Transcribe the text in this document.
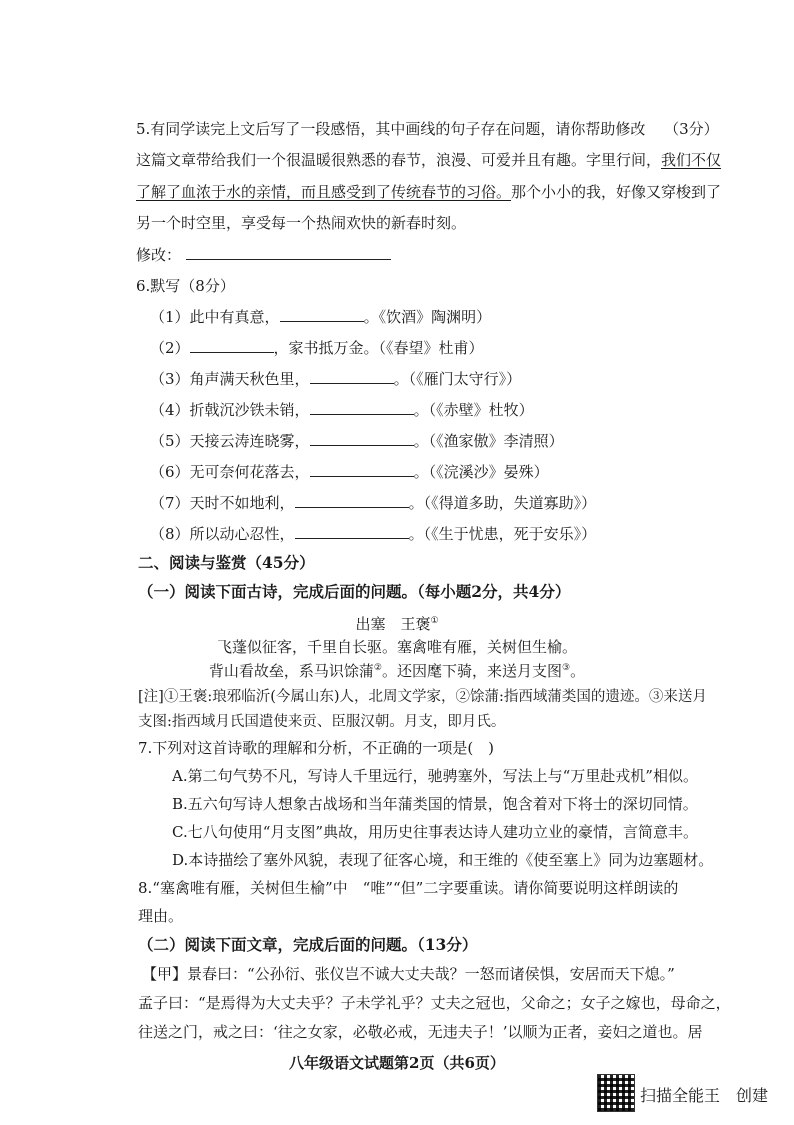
5.有同学读完上文后写了一段感悟，其中画线的句子存在问题，请你帮助修改 （3分）
这篇文章带给我们一个很温暖很熟悉的春节，浪漫、可爱并且有趣。字里行间，我们不仅
了解了血浓于水的亲情，而且感受到了传统春节的习俗。那个小小的我，好像又穿梭到了
另一个时空里，享受每一个热闹欢快的新春时刻。
修改：
6.默写（8分）
（1）此中有真意，	。《饮酒》陶渊明）
（2）	，家书抵万金。（《春望》杜甫）
（3）角声满天秋色里，	。（《雁门太守行》）
（4）折戟沉沙铁未销，	。（《赤壁》杜牧）
（5）天接云涛连晓雾，	。（《渔家傲》李清照）
（6）无可奈何花落去，	。（《浣溪沙》晏殊）
（7）天时不如地利，	。（《得道多助，失道寡助》）
（8）所以动心忍性，	。（《生于忧患，死于安乐》）
二、阅读与鉴赏（45分）
（一）阅读下面古诗，完成后面的问题。（每小题2分，共4分）
出塞　王褒①
飞蓬似征客，千里自长驱。塞禽唯有雁，关树但生榆。
背山看故垒，系马识馀蒲②。还因麾下骑，来送月支图③。
[注]①王褒:琅邪临沂(今属山东)人，北周文学家，②馀蒲:指西域蒲类国的遗迹。③来送月
支图:指西域月氏国遣使来贡、臣服汉朝。月支，即月氏。
7.下列对这首诗歌的理解和分析，不正确的一项是(　)
A.第二句气势不凡，写诗人千里远行，驰骋塞外，写法上与“万里赴戎机”相似。
B.五六句写诗人想象古战场和当年蒲类国的情景，饱含着对下将士的深切同情。
C.七八句使用“月支图”典故，用历史往事表达诗人建功立业的豪情，言简意丰。
D.本诗描绘了塞外风貌，表现了征客心境，和王维的《使至塞上》同为边塞题材。
8.“塞禽唯有雁，关树但生榆”中　“唯”“但”二字要重读。请你简要说明这样朗读的
理由。
（二）阅读下面文章，完成后面的问题。（13分）
【甲】景春曰：“公孙衍、张仪岂不诚大丈夫哉？一怒而诸侯惧，安居而天下熄。”
孟子曰：“是焉得为大丈夫乎？子未学礼乎？丈夫之冠也，父命之；女子之嫁也，母命之，
往送之门，戒之曰：‘往之女家，必敬必戒，无违夫子！’以顺为正者，妾妇之道也。居
八年级语文试题第2页（共6页）
扫描全能王　创建
